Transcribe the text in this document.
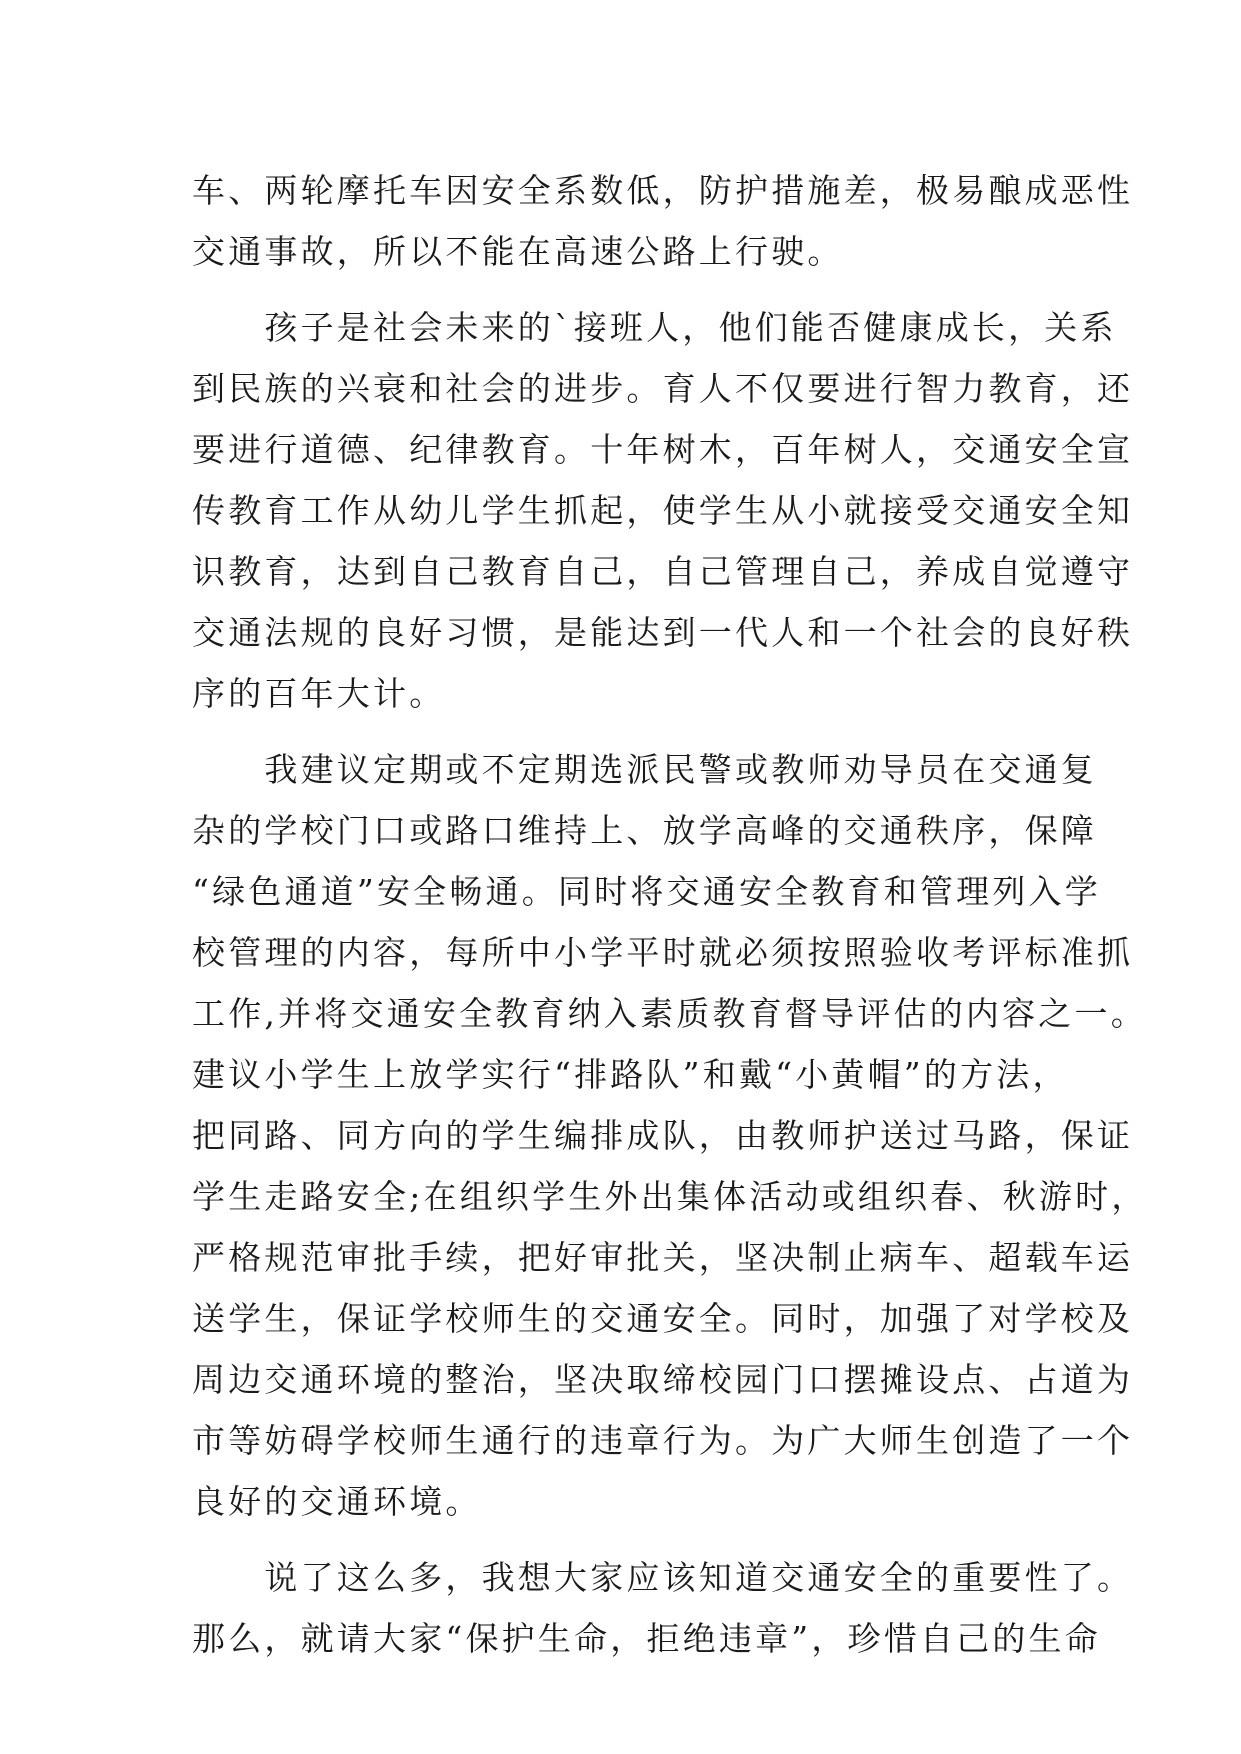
车、两轮摩托车因安全系数低，防护措施差，极易酿成恶性
交通事故，所以不能在高速公路上行驶。
　　孩子是社会未来的`接班人，他们能否健康成长，关系
到民族的兴衰和社会的进步。育人不仅要进行智力教育，还
要进行道德、纪律教育。十年树木，百年树人，交通安全宣
传教育工作从幼儿学生抓起，使学生从小就接受交通安全知
识教育，达到自己教育自己，自己管理自己，养成自觉遵守
交通法规的良好习惯，是能达到一代人和一个社会的良好秩
序的百年大计。
　　我建议定期或不定期选派民警或教师劝导员在交通复
杂的学校门口或路口维持上、放学高峰的交通秩序，保障
“绿色通道”安全畅通。同时将交通安全教育和管理列入学
校管理的内容，每所中小学平时就必须按照验收考评标准抓
工作,并将交通安全教育纳入素质教育督导评估的内容之一。
建议小学生上放学实行“排路队”和戴“小黄帽”的方法，
把同路、同方向的学生编排成队，由教师护送过马路，保证
学生走路安全;在组织学生外出集体活动或组织春、秋游时，
严格规范审批手续，把好审批关，坚决制止病车、超载车运
送学生，保证学校师生的交通安全。同时，加强了对学校及
周边交通环境的整治，坚决取缔校园门口摆摊设点、占道为
市等妨碍学校师生通行的违章行为。为广大师生创造了一个
良好的交通环境。
　　说了这么多，我想大家应该知道交通安全的重要性了。
那么，就请大家“保护生命，拒绝违章”，珍惜自己的生命
